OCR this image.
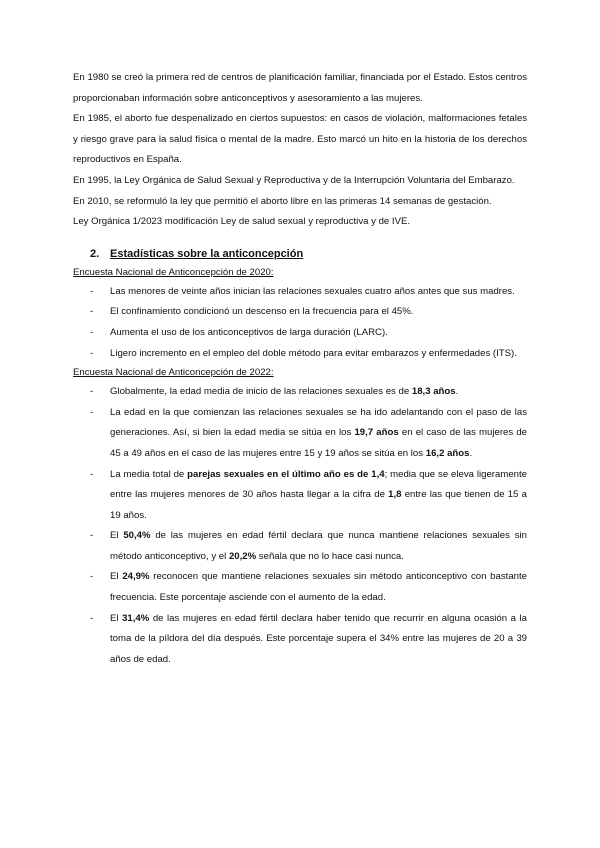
En 1980 se creó la primera red de centros de planificación familiar, financiada por el Estado. Estos centros proporcionaban información sobre anticonceptivos y asesoramiento a las mujeres.

En 1985, el aborto fue despenalizado en ciertos supuestos: en casos de violación, malformaciones fetales y riesgo grave para la salud física o mental de la madre. Esto marcó un hito en la historia de los derechos reproductivos en España.

En 1995, la Ley Orgánica de Salud Sexual y Reproductiva y de la Interrupción Voluntaria del Embarazo.

En 2010, se reformuló la ley que permitió el aborto libre en las primeras 14 semanas de gestación.

Ley Orgánica 1/2023 modificación Ley de salud sexual y reproductiva y de IVE.

2. Estadísticas sobre la anticoncepción
Encuesta Nacional de Anticoncepción de 2020:
- Las menores de veinte años inician las relaciones sexuales cuatro años antes que sus madres.
- El confinamiento condicionó un descenso en la frecuencia para el 45%.
- Aumenta el uso de los anticonceptivos de larga duración (LARC).
- Ligero incremento en el empleo del doble método para evitar embarazos y enfermedades (ITS).
Encuesta Nacional de Anticoncepción de 2022:
- Globalmente, la edad media de inicio de las relaciones sexuales es de 18,3 años.
- La edad en la que comienzan las relaciones sexuales se ha ido adelantando con el paso de las generaciones. Así, si bien la edad media se sitúa en los 19,7 años en el caso de las mujeres de 45 a 49 años en el caso de las mujeres entre 15 y 19 años se sitúa en los 16,2 años.
- La media total de parejas sexuales en el último año es de 1,4; media que se eleva ligeramente entre las mujeres menores de 30 años hasta llegar a la cifra de 1,8 entre las que tienen de 15 a 19 años.
- El 50,4% de las mujeres en edad fértil declara que nunca mantiene relaciones sexuales sin método anticonceptivo, y el 20,2% señala que no lo hace casi nunca.
- El 24,9% reconocen que mantiene relaciones sexuales sin método anticonceptivo con bastante frecuencia. Este porcentaje asciende con el aumento de la edad.
- El 31,4% de las mujeres en edad fértil declara haber tenido que recurrir en alguna ocasión a la toma de la píldora del día después. Este porcentaje supera el 34% entre las mujeres de 20 a 39 años de edad.
